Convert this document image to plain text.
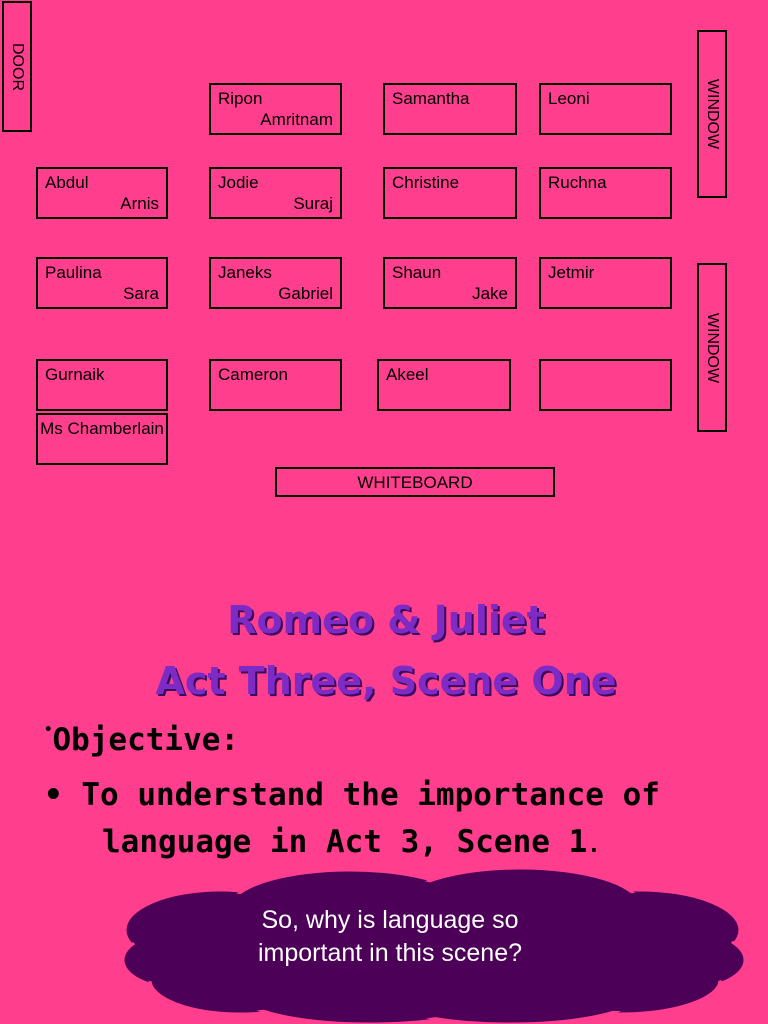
DOOR
WINDOW
WINDOW
Ripon
Amritnam
Samantha	Leoni
Abdul
Arnis
Jodie
Suraj
Christine	Ruchna
Paulina
Sara
Janeks
Gabriel
Shaun
Jake
Jetmir
Gurnaik	Cameron	Akeel
Ms Chamberlain
WHITEBOARD
Romeo & Juliet
Act Three, Scene One
•Objective:
• To understand the importance of
language in Act 3, Scene 1.
So, why is language so
important in this scene?
